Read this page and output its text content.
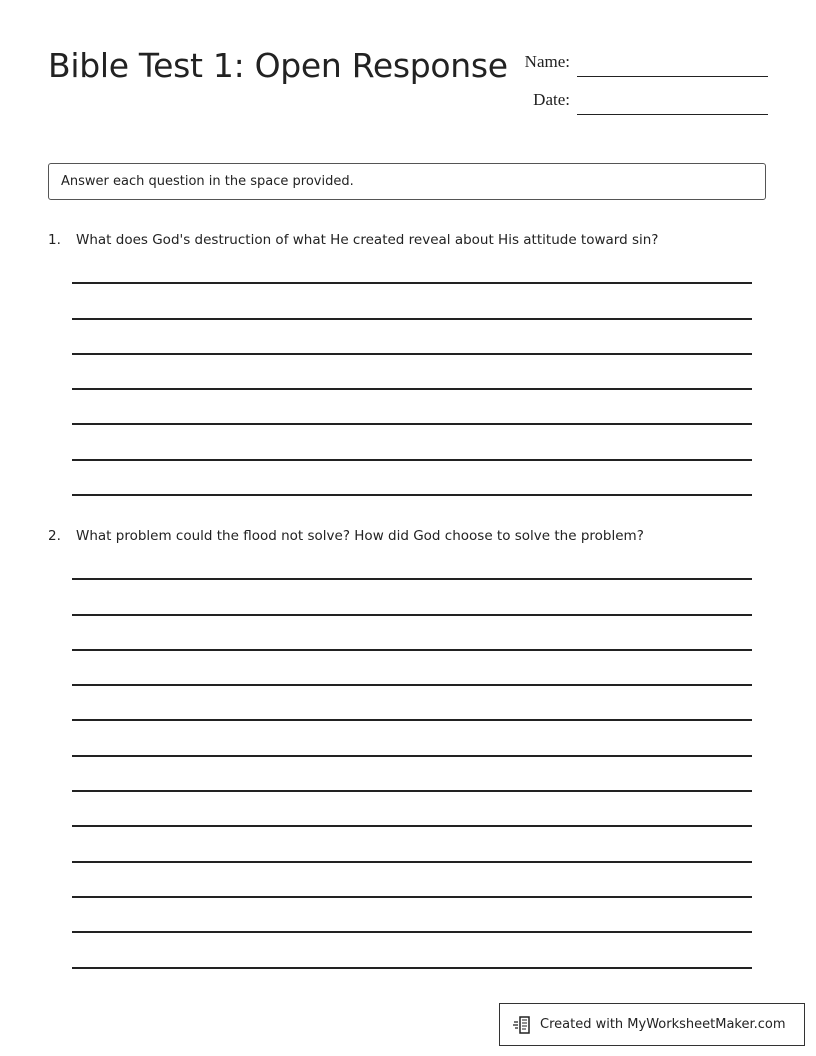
Bible Test 1: Open Response Name:
Date:
Answer each question in the space provided.
1. What does God's destruction of what He created reveal about His attitude toward sin?
2. What problem could the flood not solve? How did God choose to solve the problem?
Created with MyWorksheetMaker.com
